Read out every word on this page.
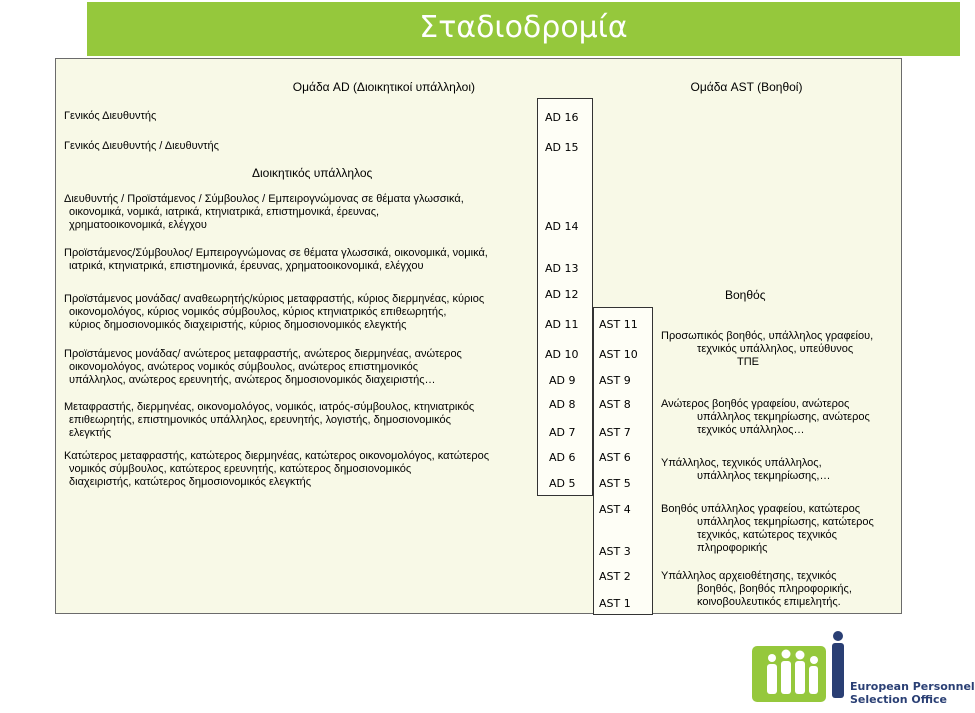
Σταδιοδρομία
Ομάδα AD (Διοικητικοί υπάλληλοι)	Ομάδα AST (Βοηθοί)
Διοικητικός υπάλληλος
Βοηθός
Γενικός Διευθυντής
Γενικός Διευθυντής / Διευθυντής
Διευθυντής / Προϊστάμενος / Σύμβουλος / Εμπειρογνώμονας σε θέματα γλωσσικά,
οικονομικά, νομικά, ιατρικά, κτηνιατρικά, επιστημονικά, έρευνας,
χρηματοοικονομικά, ελέγχου
Προϊστάμενος/Σύμβουλος/ Εμπειρογνώμονας σε θέματα γλωσσικά, οικονομικά, νομικά,
ιατρικά, κτηνιατρικά, επιστημονικά, έρευνας, χρηματοοικονομικά, ελέγχου
Προϊστάμενος μονάδας/ αναθεωρητής/κύριος μεταφραστής, κύριος διερμηνέας, κύριος
οικονομολόγος, κύριος νομικός σύμβουλος, κύριος κτηνιατρικός επιθεωρητής,
κύριος δημοσιονομικός διαχειριστής, κύριος δημοσιονομικός ελεγκτής
Προϊστάμενος μονάδας/ ανώτερος μεταφραστής, ανώτερος διερμηνέας, ανώτερος
οικονομολόγος, ανώτερος νομικός σύμβουλος, ανώτερος επιστημονικός
υπάλληλος, ανώτερος ερευνητής, ανώτερος δημοσιονομικός διαχειριστής…
Μεταφραστής, διερμηνέας, οικονομολόγος, νομικός, ιατρός-σύμβουλος, κτηνιατρικός
επιθεωρητής, επιστημονικός υπάλληλος, ερευνητής, λογιστής, δημοσιονομικός
ελεγκτής
Κατώτερος μεταφραστής, κατώτερος διερμηνέας, κατώτερος οικονομολόγος, κατώτερος
νομικός σύμβουλος, κατώτερος ερευνητής, κατώτερος δημοσιονομικός
διαχειριστής, κατώτερος δημοσιονομικός ελεγκτής
AD 16
AD 15
AD 14
AD 13
AD 12
AD 11
AD 10
AD 9
AD 8
AD 7
AD 6
AD 5
AST 11
AST 10
AST 9
AST 8
AST 7
AST 6
AST 5
AST 4
AST 3
AST 2
AST 1
Προσωπικός βοηθός, υπάλληλος γραφείου,
τεχνικός υπάλληλος, υπεύθυνος
ΤΠΕ
Ανώτερος βοηθός γραφείου, ανώτερος
υπάλληλος τεκμηρίωσης, ανώτερος
τεχνικός υπάλληλος…
Υπάλληλος, τεχνικός υπάλληλος,
υπάλληλος τεκμηρίωσης,…
Βοηθός υπάλληλος γραφείου, κατώτερος
υπάλληλος τεκμηρίωσης, κατώτερος
τεχνικός, κατώτερος τεχνικός
πληροφορικής
Υπάλληλος αρχειοθέτησης, τεχνικός
βοηθός, βοηθός πληροφορικής,
κοινοβουλευτικός επιμελητής.
European Personnel
Selection Office
